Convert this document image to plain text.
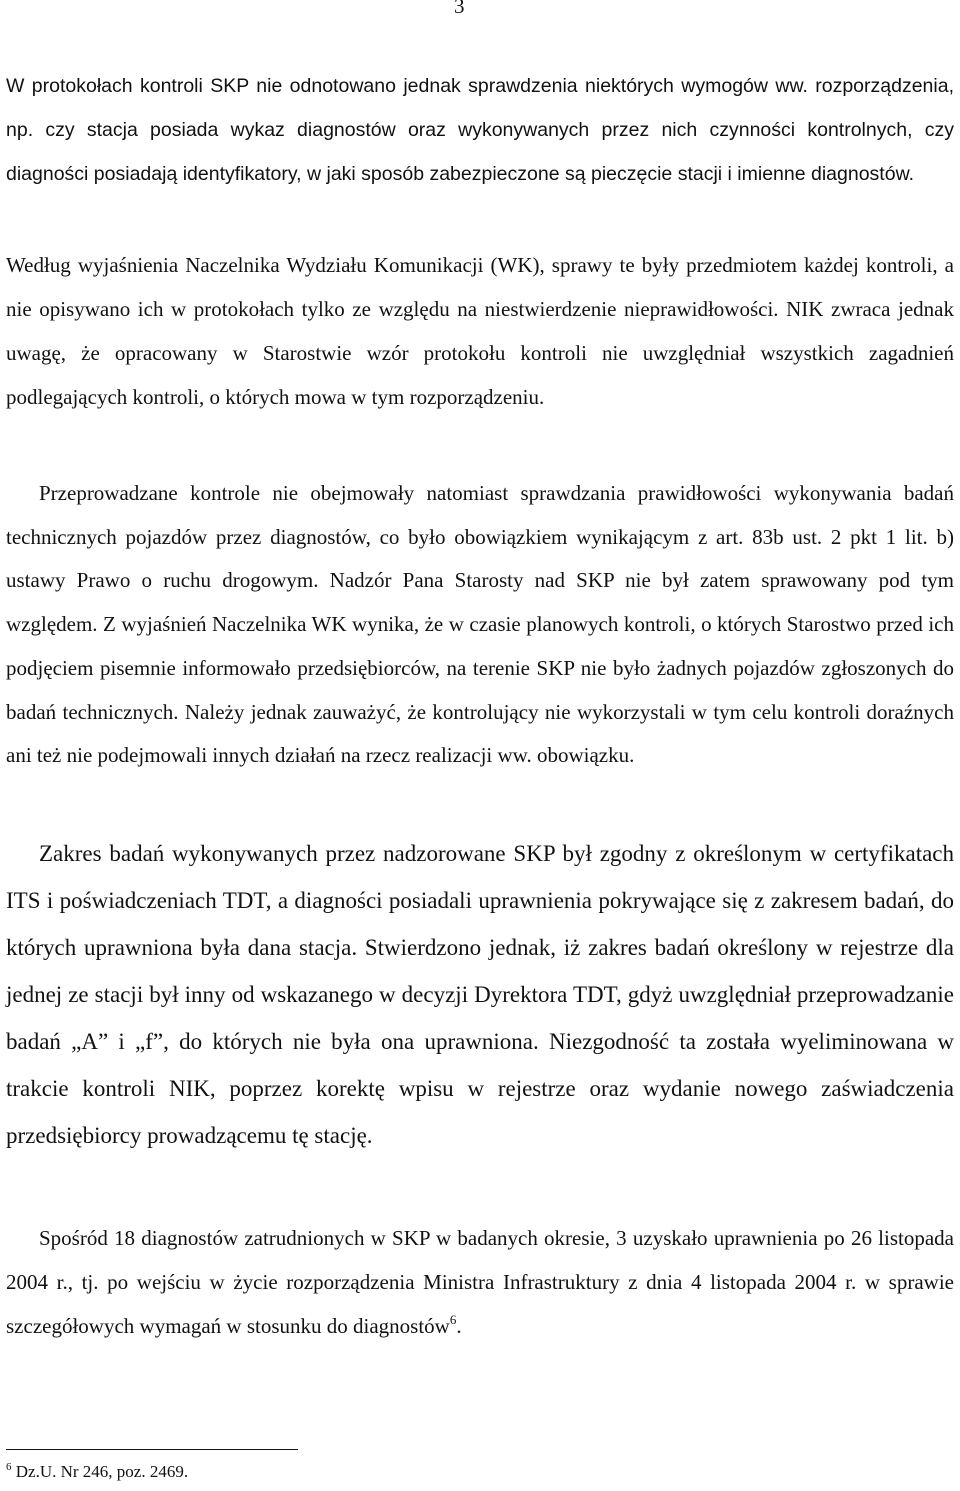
3

W protokołach kontroli SKP nie odnotowano jednak sprawdzenia niektórych wymogów ww. rozporządzenia, np. czy stacja posiada wykaz diagnostów oraz wykonywanych przez nich czynności kontrolnych, czy diagności posiadają identyfikatory, w jaki sposób zabezpieczone są pieczęcie stacji i imienne diagnostów.

Według wyjaśnienia Naczelnika Wydziału Komunikacji (WK), sprawy te były przedmiotem każdej kontroli, a nie opisywano ich w protokołach tylko ze względu na niestwierdzenie nieprawidłowości. NIK zwraca jednak uwagę, że opracowany w Starostwie wzór protokołu kontroli nie uwzględniał wszystkich zagadnień podlegających kontroli, o których mowa w tym rozporządzeniu.

Przeprowadzane kontrole nie obejmowały natomiast sprawdzania prawidłowości wykonywania badań technicznych pojazdów przez diagnostów, co było obowiązkiem wynikającym z art. 83b ust. 2 pkt 1 lit. b) ustawy Prawo o ruchu drogowym. Nadzór Pana Starosty nad SKP nie był zatem sprawowany pod tym względem. Z wyjaśnień Naczelnika WK wynika, że w czasie planowych kontroli, o których Starostwo przed ich podjęciem pisemnie informowało przedsiębiorców, na terenie SKP nie było żadnych pojazdów zgłoszonych do badań technicznych. Należy jednak zauważyć, że kontrolujący nie wykorzystali w tym celu kontroli doraźnych ani też nie podejmowali innych działań na rzecz realizacji ww. obowiązku.

Zakres badań wykonywanych przez nadzorowane SKP był zgodny z określonym w certyfikatach ITS i poświadczeniach TDT, a diagności posiadali uprawnienia pokrywające się z zakresem badań, do których uprawniona była dana stacja. Stwierdzono jednak, iż zakres badań określony w rejestrze dla jednej ze stacji był inny od wskazanego w decyzji Dyrektora TDT, gdyż uwzględniał przeprowadzanie badań „A” i „f”, do których nie była ona uprawniona. Niezgodność ta została wyeliminowana w trakcie kontroli NIK, poprzez korektę wpisu w rejestrze oraz wydanie nowego zaświadczenia przedsiębiorcy prowadzącemu tę stację.

Spośród 18 diagnostów zatrudnionych w SKP w badanych okresie, 3 uzyskało uprawnienia po 26 listopada 2004 r., tj. po wejściu w życie rozporządzenia Ministra Infrastruktury z dnia 4 listopada 2004 r. w sprawie szczegółowych wymagań w stosunku do diagnostów$^6$.

$^6$ Dz.U. Nr 246, poz. 2469.
